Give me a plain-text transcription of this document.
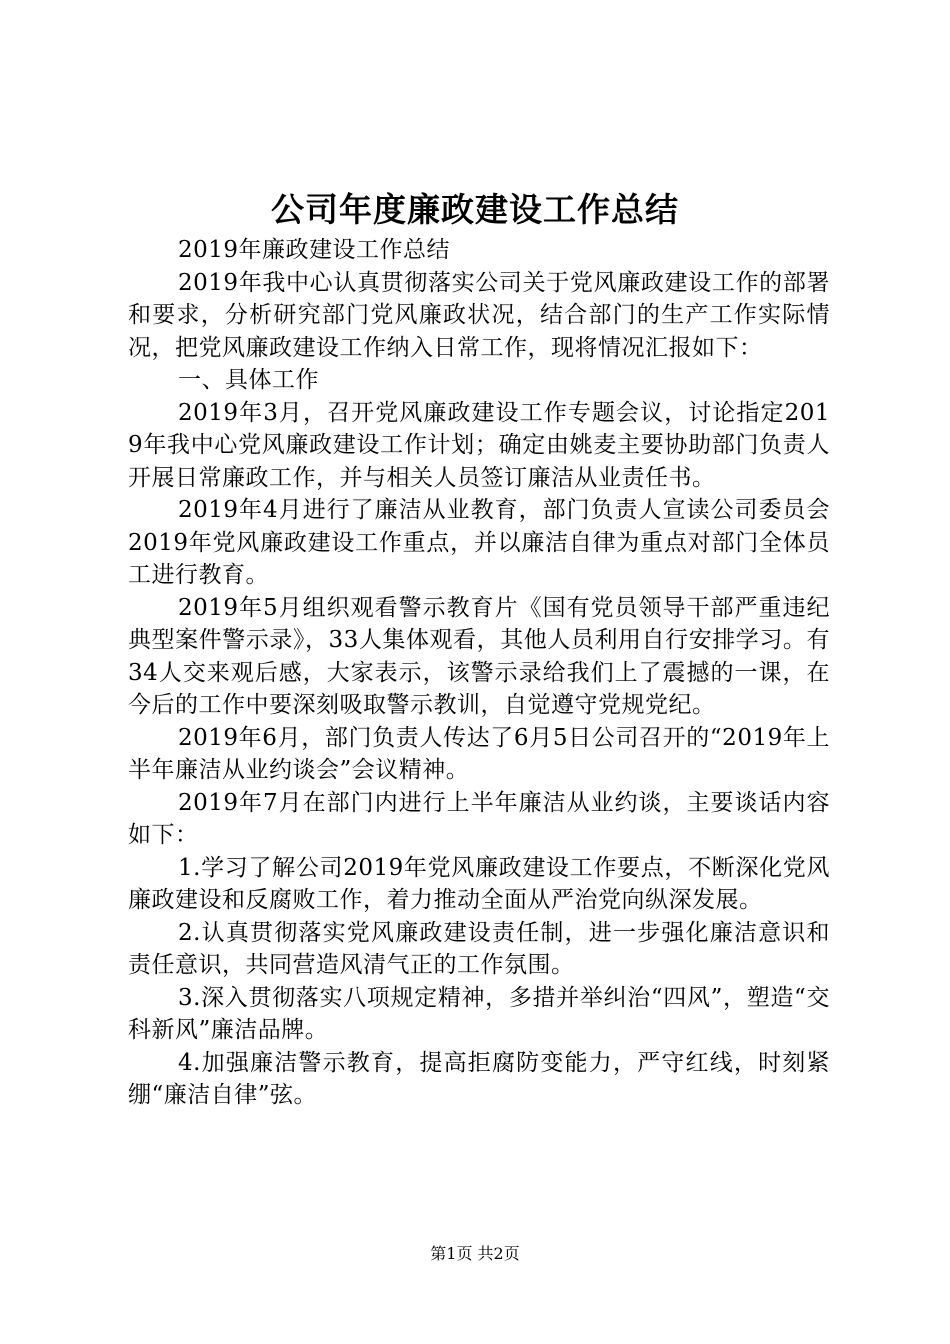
公司年度廉政建设工作总结

2019年廉政建设工作总结

2019年我中心认真贯彻落实公司关于党风廉政建设工作的部署和要求，分析研究部门党风廉政状况，结合部门的生产工作实际情况，把党风廉政建设工作纳入日常工作，现将情况汇报如下：

一、具体工作

2019年3月，召开党风廉政建设工作专题会议，讨论指定2019年我中心党风廉政建设工作计划；确定由姚麦主要协助部门负责人开展日常廉政工作，并与相关人员签订廉洁从业责任书。

2019年4月进行了廉洁从业教育，部门负责人宣读公司委员会2019年党风廉政建设工作重点，并以廉洁自律为重点对部门全体员工进行教育。

2019年5月组织观看警示教育片《国有党员领导干部严重违纪典型案件警示录》，33人集体观看，其他人员利用自行安排学习。有34人交来观后感，大家表示，该警示录给我们上了震撼的一课，在今后的工作中要深刻吸取警示教训，自觉遵守党规党纪。

2019年6月，部门负责人传达了6月5日公司召开的“2019年上半年廉洁从业约谈会”会议精神。

2019年7月在部门内进行上半年廉洁从业约谈，主要谈话内容如下：

1.学习了解公司2019年党风廉政建设工作要点，不断深化党风廉政建设和反腐败工作，着力推动全面从严治党向纵深发展。

2.认真贯彻落实党风廉政建设责任制，进一步强化廉洁意识和责任意识，共同营造风清气正的工作氛围。

3.深入贯彻落实八项规定精神，多措并举纠治“四风”，塑造“交科新风”廉洁品牌。

4.加强廉洁警示教育，提高拒腐防变能力，严守红线，时刻紧绷“廉洁自律”弦。

第1页 共2页
